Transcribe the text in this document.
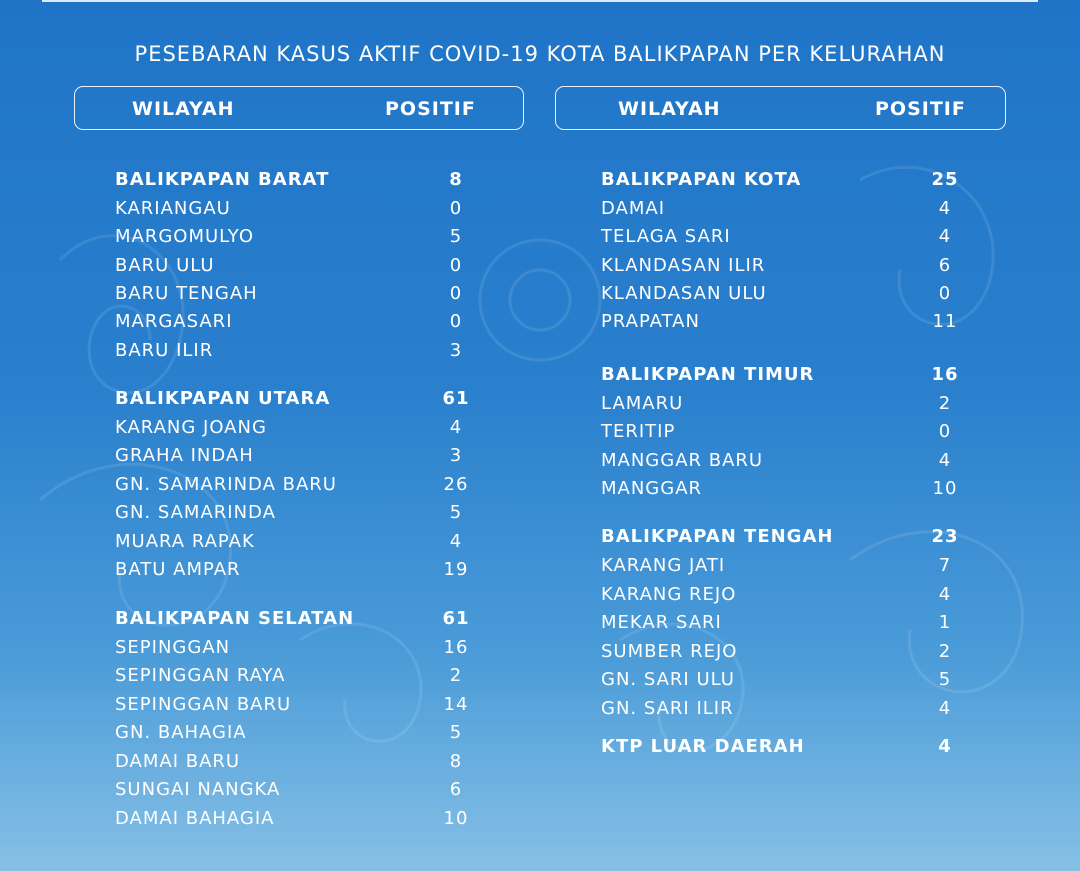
PESEBARAN KASUS AKTIF COVID-19 KOTA BALIKPAPAN PER KELURAHAN
WILAYAH	POSITIF	WILAYAH	POSITIF
BALIKPAPAN BARAT	8
KARIANGAU	0
MARGOMULYO	5
BARU ULU	0
BARU TENGAH	0
MARGASARI	0
BARU ILIR	3
BALIKPAPAN UTARA	61
KARANG JOANG	4
GRAHA INDAH	3
GN. SAMARINDA BARU	26
GN. SAMARINDA	5
MUARA RAPAK	4
BATU AMPAR	19
BALIKPAPAN SELATAN	61
SEPINGGAN	16
SEPINGGAN RAYA	2
SEPINGGAN BARU	14
GN. BAHAGIA	5
DAMAI BARU	8
SUNGAI NANGKA	6
DAMAI BAHAGIA	10
BALIKPAPAN KOTA	25
DAMAI	4
TELAGA SARI	4
KLANDASAN ILIR	6
KLANDASAN ULU	0
PRAPATAN	11
BALIKPAPAN TIMUR	16
LAMARU	2
TERITIP	0
MANGGAR BARU	4
MANGGAR	10
BALIKPAPAN TENGAH	23
KARANG JATI	7
KARANG REJO	4
MEKAR SARI	1
SUMBER REJO	2
GN. SARI ULU	5
GN. SARI ILIR	4
KTP LUAR DAERAH	4
